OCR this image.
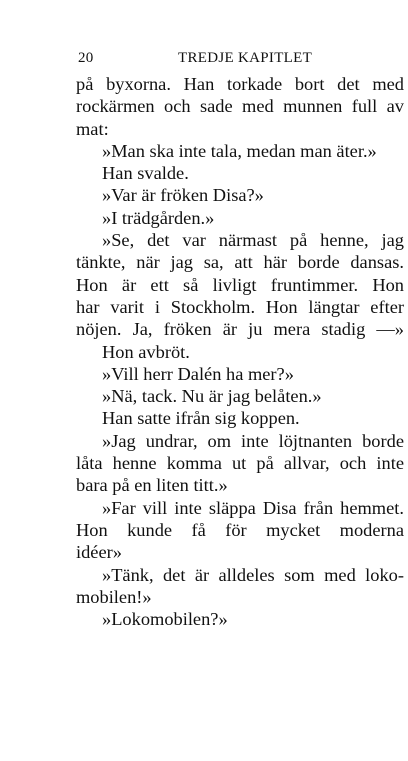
20	TREDJE KAPITLET
på byxorna. Han torkade bort det med
rockärmen och sade med munnen full av
mat:
»Man ska inte tala, medan man äter.»
Han svalde.
»Var är fröken Disa?»
»I trädgården.»
»Se, det var närmast på henne, jag
tänkte, när jag sa, att här borde dansas.
Hon är ett så livligt fruntimmer. Hon
har varit i Stockholm. Hon längtar efter
nöjen. Ja, fröken är ju mera stadig —»
Hon avbröt.
»Vill herr Dalén ha mer?»
»Nä, tack. Nu är jag belåten.»
Han satte ifrån sig koppen.
»Jag undrar, om inte löjtnanten borde
låta henne komma ut på allvar, och inte
bara på en liten titt.»
»Far vill inte släppa Disa från hemmet.
Hon kunde få för mycket moderna
idéer»
»Tänk, det är alldeles som med loko-
mobilen!»
»Lokomobilen?»
